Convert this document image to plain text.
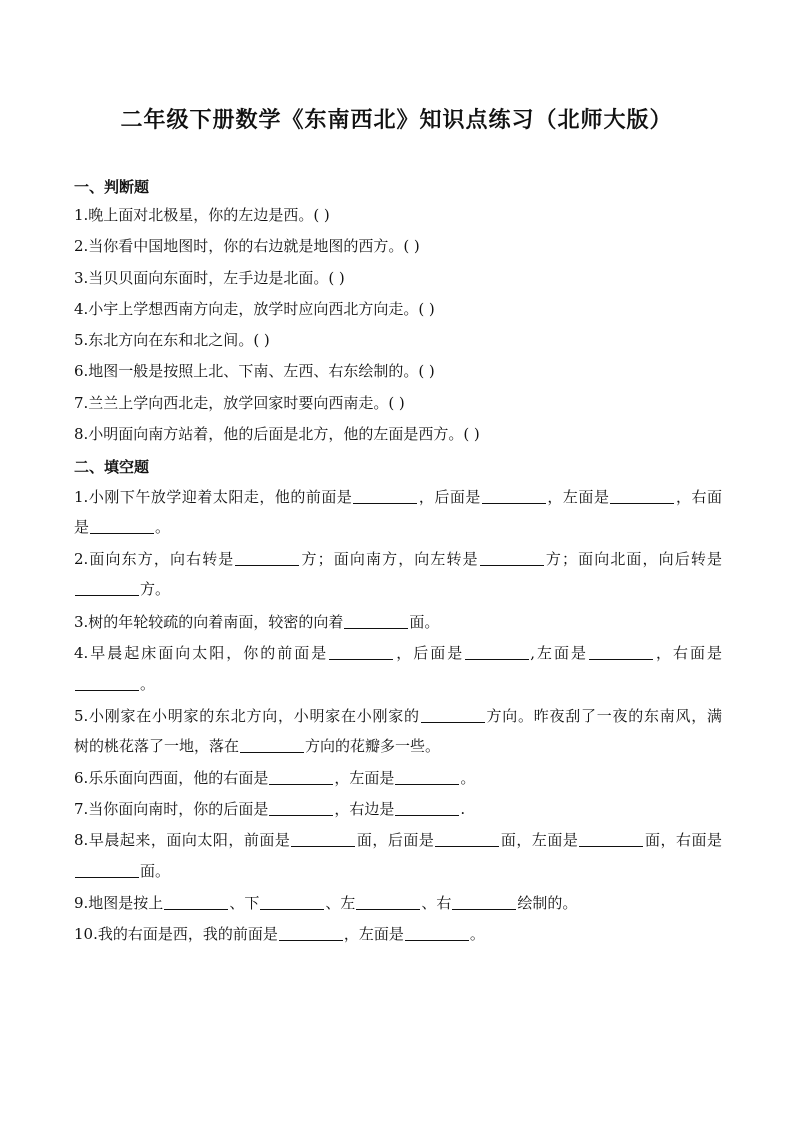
二年级下册数学《东南西北》知识点练习（北师大版）
一、判断题
1.晚上面对北极星，你的左边是西。( )
2.当你看中国地图时，你的右边就是地图的西方。( )
3.当贝贝面向东面时，左手边是北面。( )
4.小宇上学想西南方向走，放学时应向西北方向走。( )
5.东北方向在东和北之间。( )
6.地图一般是按照上北、下南、左西、右东绘制的。( )
7.兰兰上学向西北走，放学回家时要向西南走。( )
8.小明面向南方站着，他的后面是北方，他的左面是西方。( )
二、填空题
1.小刚下午放学迎着太阳走，他的前面是	，后面是	，左面是	，右面
是	。
2.面向东方，向右转是	方；面向南方，向左转是	方；面向北面，向后转是
方。
3.树的年轮较疏的向着南面，较密的向着	面。
4.早晨起床面向太阳，你的前面是	，后面是	,左面是	，右面是
。
5.小刚家在小明家的东北方向，小明家在小刚家的	方向。昨夜刮了一夜的东南风，满
树的桃花落了一地，落在	方向的花瓣多一些。
6.乐乐面向西面，他的右面是	，左面是	。
7.当你面向南时，你的后面是	，右边是	.
8.早晨起来，面向太阳，前面是	面，后面是	面，左面是	面，右面是
面。
9.地图是按上	、下	、左	、右	绘制的。
10.我的右面是西，我的前面是	，左面是	。
